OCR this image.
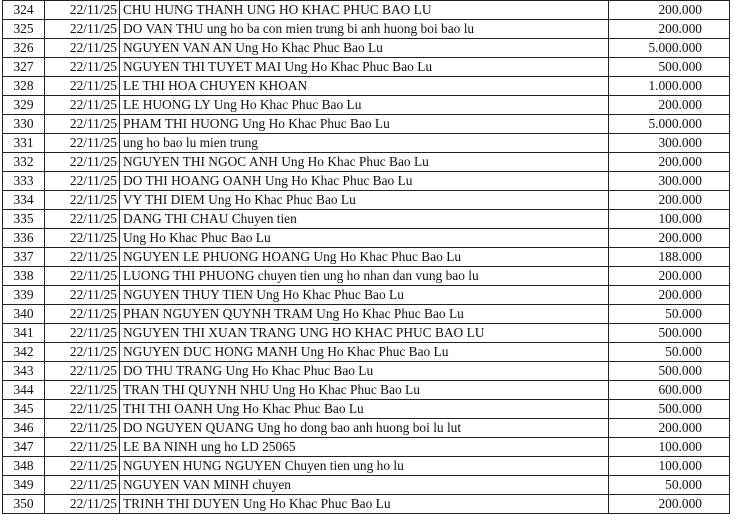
324	22/11/25	CHU HUNG THANH UNG HO KHAC PHUC BAO LU	200.000
325	22/11/25	DO VAN THU ung ho ba con mien trung bi anh huong boi bao lu	200.000
326	22/11/25	NGUYEN VAN AN Ung Ho Khac Phuc Bao Lu	5.000.000
327	22/11/25	NGUYEN THI TUYET MAI Ung Ho Khac Phuc Bao Lu	500.000
328	22/11/25	LE THI HOA CHUYEN KHOAN	1.000.000
329	22/11/25	LE HUONG LY Ung Ho Khac Phuc Bao Lu	200.000
330	22/11/25	PHAM THI HUONG Ung Ho Khac Phuc Bao Lu	5.000.000
331	22/11/25	ung ho bao lu mien trung	300.000
332	22/11/25	NGUYEN THI NGOC ANH Ung Ho Khac Phuc Bao Lu	200.000
333	22/11/25	DO THI HOANG OANH Ung Ho Khac Phuc Bao Lu	300.000
334	22/11/25	VY THI DIEM Ung Ho Khac Phuc Bao Lu	200.000
335	22/11/25	DANG THI CHAU Chuyen tien	100.000
336	22/11/25	Ung Ho Khac Phuc Bao Lu	200.000
337	22/11/25	NGUYEN LE PHUONG HOANG Ung Ho Khac Phuc Bao Lu	188.000
338	22/11/25	LUONG THI PHUONG chuyen tien ung ho nhan dan vung bao lu	200.000
339	22/11/25	NGUYEN THUY TIEN Ung Ho Khac Phuc Bao Lu	200.000
340	22/11/25	PHAN NGUYEN QUYNH TRAM Ung Ho Khac Phuc Bao Lu	50.000
341	22/11/25	NGUYEN THI XUAN TRANG UNG HO KHAC PHUC BAO LU	500.000
342	22/11/25	NGUYEN DUC HONG MANH Ung Ho Khac Phuc Bao Lu	50.000
343	22/11/25	DO THU TRANG Ung Ho Khac Phuc Bao Lu	500.000
344	22/11/25	TRAN THI QUYNH NHU Ung Ho Khac Phuc Bao Lu	600.000
345	22/11/25	THI THI OANH Ung Ho Khac Phuc Bao Lu	500.000
346	22/11/25	DO NGUYEN QUANG Ung ho dong bao anh huong boi lu lut	200.000
347	22/11/25	LE BA NINH ung ho LD 25065	100.000
348	22/11/25	NGUYEN HUNG NGUYEN Chuyen tien ung ho lu	100.000
349	22/11/25	NGUYEN VAN MINH chuyen	50.000
350	22/11/25	TRINH THI DUYEN Ung Ho Khac Phuc Bao Lu	200.000
